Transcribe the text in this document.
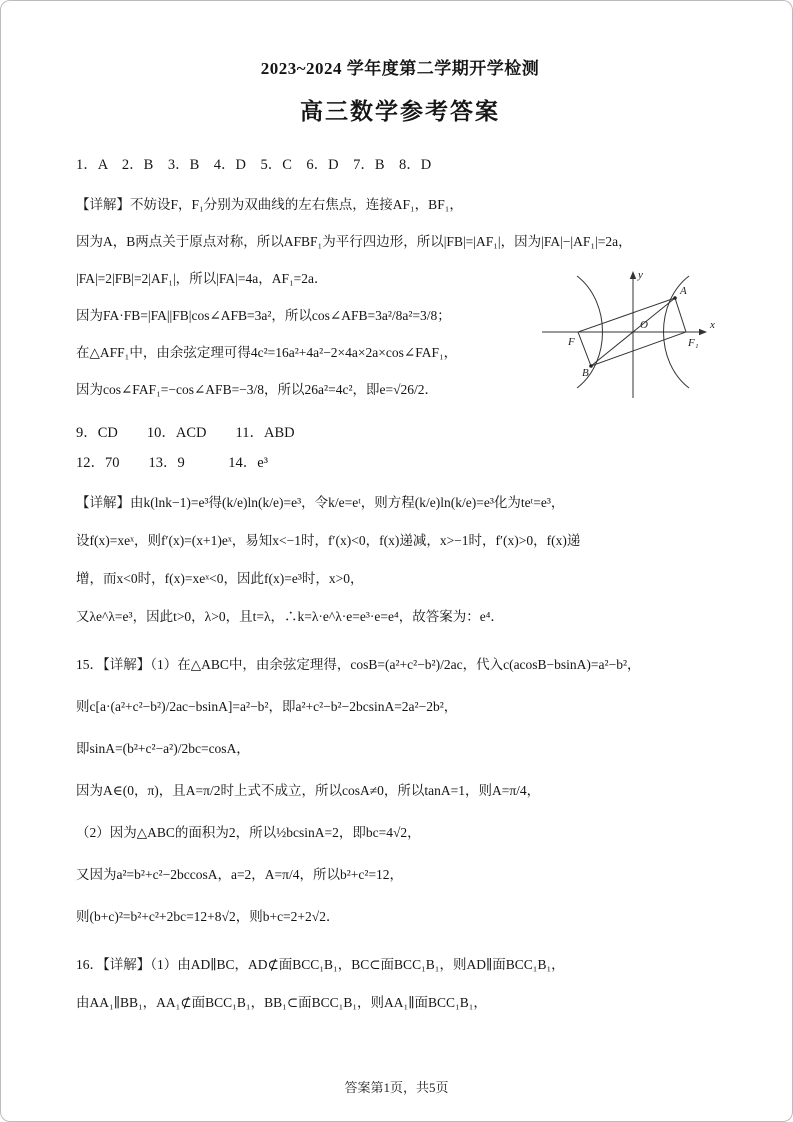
2023~2024 学年度第二学期开学检测
高三数学参考答案
1．A　2．B　3．B　4．D　5．C　6．D　7．B　8．D
【详解】不妨设F，F₁分别为双曲线的左右焦点，连接AF₁，BF₁，
因为A，B两点关于原点对称，所以AFBF₁为平行四边形，所以|FB|=|AF₁|，因为|FA|−|AF₁|=2a，
y
x
O
A
B
F	F₁
|FA|=2|FB|=2|AF₁|，所以|FA|=4a，AF₁=2a．
因为FA·FB=|FA||FB|cos∠AFB=3a²，所以cos∠AFB=3a²/8a²=3/8；
在△AFF₁中，由余弦定理可得4c²=16a²+4a²−2×4a×2a×cos∠FAF₁，
因为cos∠FAF₁=−cos∠AFB=−3/8，所以26a²=4c²，即e=√26/2．
9．CD　　10．ACD　　11．ABD
12．70　　13．9　　　14．e³
【详解】由k(lnk−1)=e³得(k/e)ln(k/e)=e³，令k/e=eᵗ，则方程(k/e)ln(k/e)=e³化为teᵗ=e³，
设f(x)=xeˣ，则f′(x)=(x+1)eˣ，易知x<−1时，f′(x)<0，f(x)递减，x>−1时，f′(x)>0，f(x)递
增，而x<0时，f(x)=xeˣ<0，因此f(x)=e³时，x>0，
又λe^λ=e³，因此t>0，λ>0，且t=λ，∴k=λ·e^λ·e=e³·e=e⁴，故答案为：e⁴．
15．【详解】（1）在△ABC中，由余弦定理得，cosB=(a²+c²−b²)/2ac，代入c(acosB−bsinA)=a²−b²，
则c[a·(a²+c²−b²)/2ac−bsinA]=a²−b²，即a²+c²−b²−2bcsinA=2a²−2b²，
即sinA=(b²+c²−a²)/2bc=cosA，
因为A∈(0，π)，且A=π/2时上式不成立，所以cosA≠0，所以tanA=1，则A=π/4，
（2）因为△ABC的面积为2，所以½bcsinA=2，即bc=4√2，
又因为a²=b²+c²−2bccosA，a=2，A=π/4，所以b²+c²=12，
则(b+c)²=b²+c²+2bc=12+8√2，则b+c=2+2√2．
16．【详解】（1）由AD∥BC，AD⊄面BCC₁B₁，BC⊂面BCC₁B₁，则AD∥面BCC₁B₁，
由AA₁∥BB₁，AA₁⊄面BCC₁B₁，BB₁⊂面BCC₁B₁，则AA₁∥面BCC₁B₁，
答案第1页，共5页
